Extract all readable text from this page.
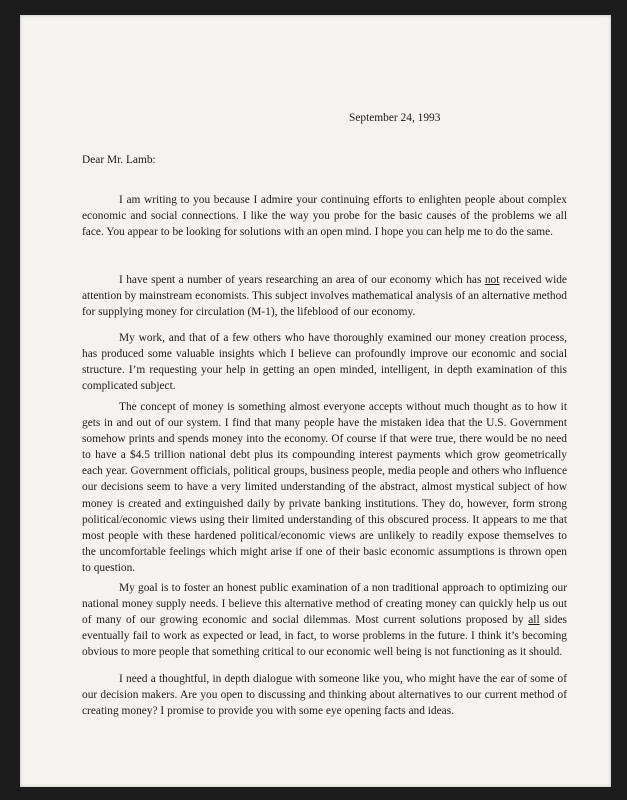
September 24, 1993
Dear Mr. Lamb:

I am writing to you because I admire your continuing efforts to enlighten people about complex economic and social connections. I like the way you probe for the basic causes of the problems we all face. You appear to be looking for solutions with an open mind. I hope you can help me to do the same.

I have spent a number of years researching an area of our economy which has not received wide attention by mainstream economists. This subject involves mathematical analysis of an alternative method for supplying money for circulation (M-1), the lifeblood of our economy.

My work, and that of a few others who have thoroughly examined our money creation process, has produced some valuable insights which I believe can profoundly improve our economic and social structure. I’m requesting your help in getting an open minded, intelligent, in depth examination of this complicated subject.

The concept of money is something almost everyone accepts without much thought as to how it gets in and out of our system. I find that many people have the mistaken idea that the U.S. Government somehow prints and spends money into the economy. Of course if that were true, there would be no need to have a $4.5 trillion national debt plus its compounding interest payments which grow geometrically each year. Government officials, political groups, business people, media people and others who influence our decisions seem to have a very limited understanding of the abstract, almost mystical subject of how money is created and extinguished daily by private banking institutions. They do, however, form strong political/economic views using their limited understanding of this obscured process. It appears to me that most people with these hardened political/economic views are unlikely to readily expose themselves to the uncomfortable feelings which might arise if one of their basic economic assumptions is thrown open to question.

My goal is to foster an honest public examination of a non traditional approach to optimizing our national money supply needs. I believe this alternative method of creating money can quickly help us out of many of our growing economic and social dilemmas. Most current solutions proposed by all sides eventually fail to work as expected or lead, in fact, to worse problems in the future. I think it’s becoming obvious to more people that something critical to our economic well being is not functioning as it should.

I need a thoughtful, in depth dialogue with someone like you, who might have the ear of some of our decision makers. Are you open to discussing and thinking about alternatives to our current method of creating money? I promise to provide you with some eye opening facts and ideas.
